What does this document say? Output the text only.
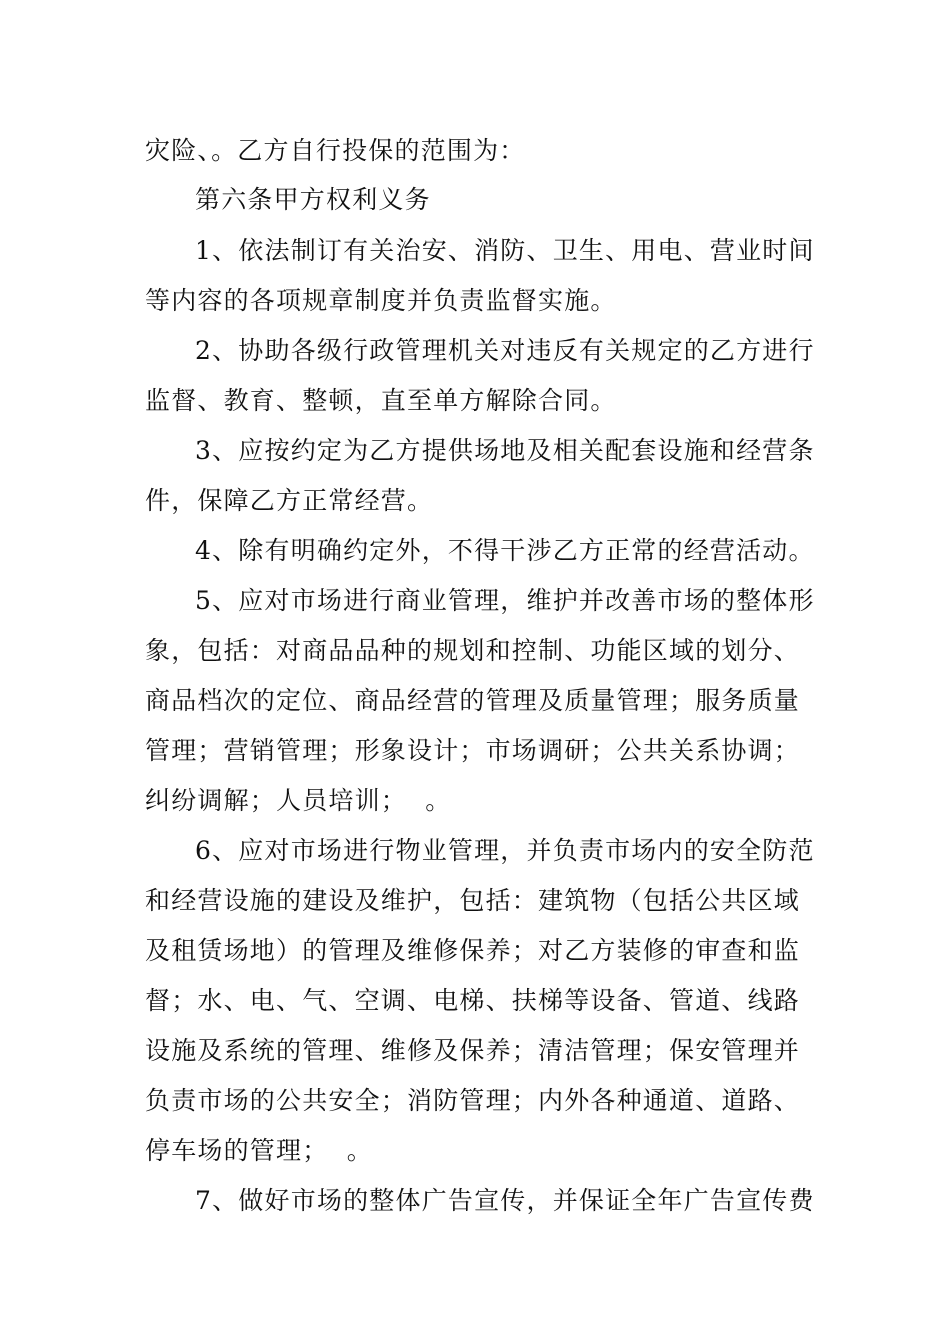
灾险、。乙方自行投保的范围为：
第六条甲方权利义务
1、依法制订有关治安、消防、卫生、用电、营业时间
等内容的各项规章制度并负责监督实施。
2、协助各级行政管理机关对违反有关规定的乙方进行
监督、教育、整顿，直至单方解除合同。
3、应按约定为乙方提供场地及相关配套设施和经营条
件，保障乙方正常经营。
4、除有明确约定外，不得干涉乙方正常的经营活动。
5、应对市场进行商业管理，维护并改善市场的整体形
象，包括：对商品品种的规划和控制、功能区域的划分、
商品档次的定位、商品经营的管理及质量管理；服务质量
管理；营销管理；形象设计；市场调研；公共关系协调；
纠纷调解；人员培训；  。
6、应对市场进行物业管理，并负责市场内的安全防范
和经营设施的建设及维护，包括：建筑物（包括公共区域
及租赁场地）的管理及维修保养；对乙方装修的审查和监
督；水、电、气、空调、电梯、扶梯等设备、管道、线路
设施及系统的管理、维修及保养；清洁管理；保安管理并
负责市场的公共安全；消防管理；内外各种通道、道路、
停车场的管理；  。
7、做好市场的整体广告宣传，并保证全年广告宣传费
